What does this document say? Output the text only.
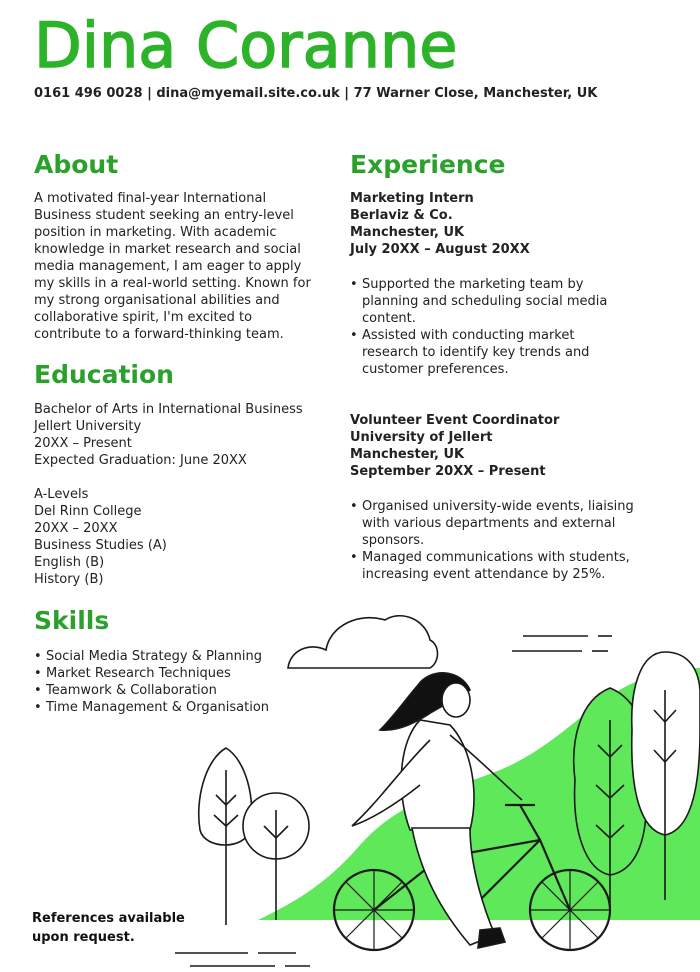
Dina Coranne
0161 496 0028 | dina@myemail.site.co.uk | 77 Warner Close, Manchester, UK
About
A motivated final-year International
Business student seeking an entry-level
position in marketing. With academic
knowledge in market research and social
media management, I am eager to apply
my skills in a real-world setting. Known for
my strong organisational abilities and
collaborative spirit, I'm excited to
contribute to a forward-thinking team.
Education
Bachelor of Arts in International Business
Jellert University
20XX – Present
Expected Graduation: June 20XX
A-Levels
Del Rinn College
20XX – 20XX
Business Studies (A)
English (B)
History (B)
Skills
• Social Media Strategy & Planning
• Market Research Techniques
• Teamwork & Collaboration
• Time Management & Organisation
Experience
Marketing Intern
Berlaviz & Co.
Manchester, UK
July 20XX – August 20XX
• Supported the marketing team by
planning and scheduling social media
content.
• Assisted with conducting market
research to identify key trends and
customer preferences.
Volunteer Event Coordinator
University of Jellert
Manchester, UK
September 20XX – Present
• Organised university-wide events, liaising
with various departments and external
sponsors.
• Managed communications with students,
increasing event attendance by 25%.
References available
upon request.
